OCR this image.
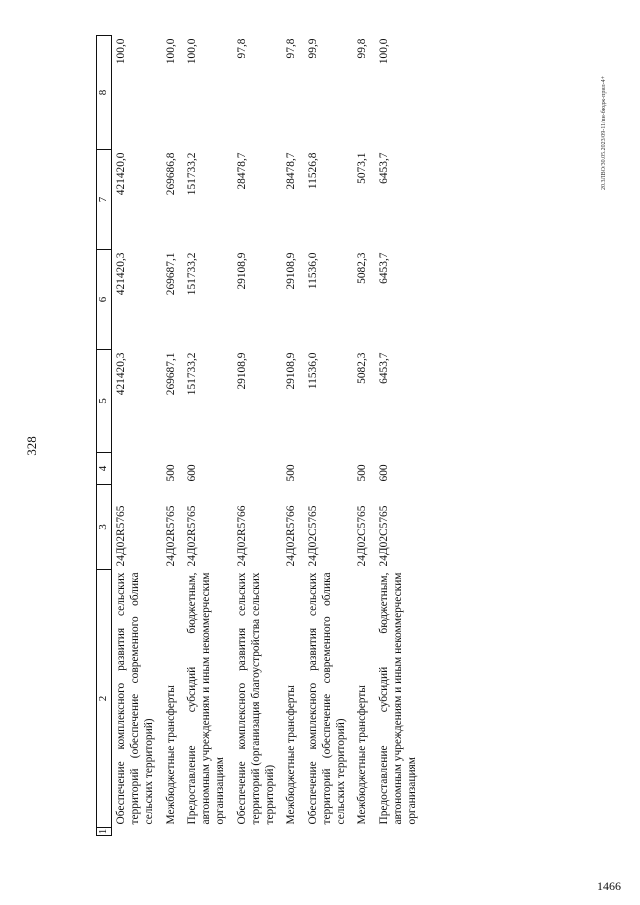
328
20.3ЛВО/30.05.2023/09-11/вн-бюдж-прил-4+
1466
1	2	3	4	5	6	7	8
	Обеспечение комплексного развития сельских территорий (обеспечение современного облика сельских территорий)	24Д02R5765		421420,3	421420,3	421420,0	100,0
	Межбюджетные трансферты	24Д02R5765	500	269687,1	269687,1	269686,8	100,0
	Предоставление субсидий бюджетным, автономным учреждениям и иным некоммерческим организациям	24Д02R5765	600	151733,2	151733,2	151733,2	100,0
	Обеспечение комплексного развития сельских территорий (организация благоустройства сельских территорий)	24Д02R5766		29108,9	29108,9	28478,7	97,8
	Межбюджетные трансферты	24Д02R5766	500	29108,9	29108,9	28478,7	97,8
	Обеспечение комплексного развития сельских территорий (обеспечение современного облика сельских территорий)	24Д02С5765		11536,0	11536,0	11526,8	99,9
	Межбюджетные трансферты	24Д02С5765	500	5082,3	5082,3	5073,1	99,8
	Предоставление субсидий бюджетным, автономным учреждениям и иным некоммерческим организациям	24Д02С5765	600	6453,7	6453,7	6453,7	100,0
